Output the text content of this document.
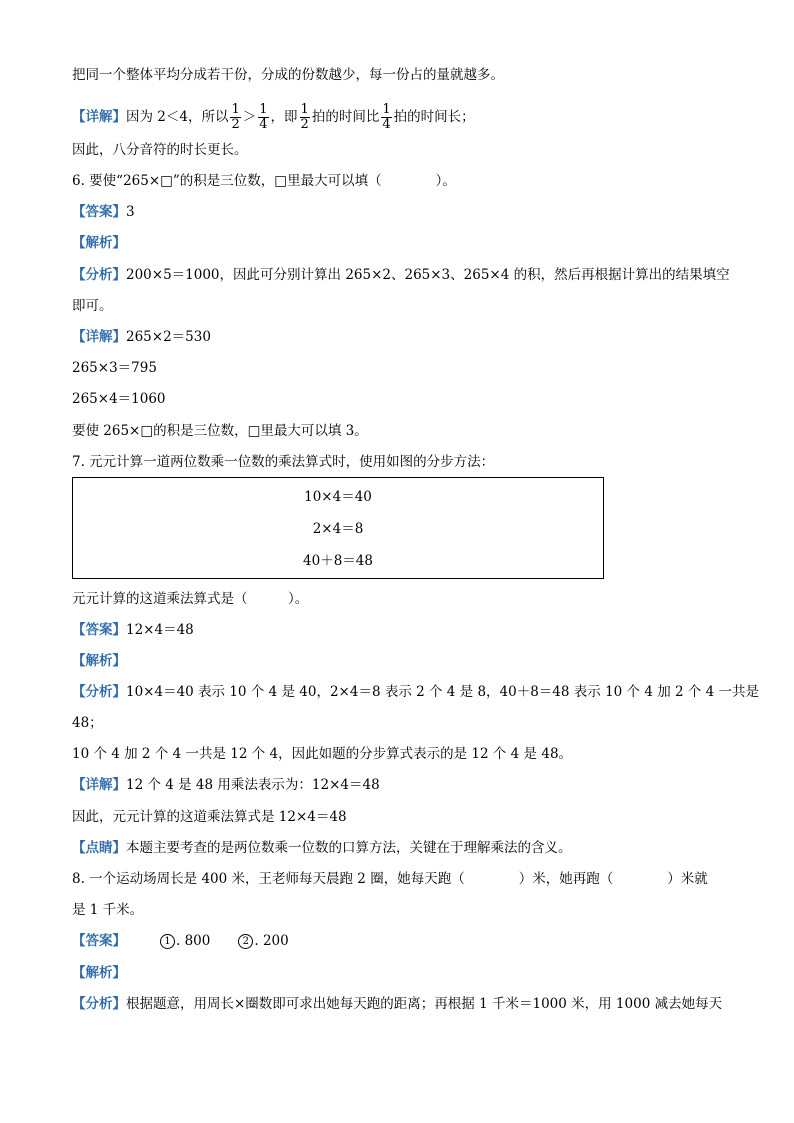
把同一个整体平均分成若干份，分成的份数越少，每一份占的量就越多。
【详解】因为 2＜4，所以 $\frac{1}{2} > \frac{1}{4}$ ，即 $\frac{1}{2}$ 拍的时间比 $\frac{1}{4}$ 拍的时间长；
因此，八分音符的时长更长。
6. 要使“265×□”的积是三位数，□里最大可以填（　　　　）。
【答案】3
【解析】
【分析】200×5＝1000，因此可分别计算出 265×2、265×3、265×4 的积，然后再根据计算出的结果填空
即可。
【详解】265×2＝530
265×3＝795
265×4＝1060
要使 265×□的积是三位数，□里最大可以填 3。
7. 元元计算一道两位数乘一位数的乘法算式时，使用如图的分步方法：
10×4＝40
2×4＝8
40＋8＝48
元元计算的这道乘法算式是（　　　）。
【答案】12×4＝48
【解析】
【分析】10×4＝40 表示 10 个 4 是 40，2×4＝8 表示 2 个 4 是 8，40＋8＝48 表示 10 个 4 加 2 个 4 一共是
48；
10 个 4 加 2 个 4 一共是 12 个 4，因此如题的分步算式表示的是 12 个 4 是 48。
【详解】12 个 4 是 48 用乘法表示为：12×4＝48
因此，元元计算的这道乘法算式是 12×4＝48
【点睛】本题主要考查的是两位数乘一位数的口算方法，关键在于理解乘法的含义。
8. 一个运动场周长是 400 米，王老师每天晨跑 2 圈，她每天跑（　　　　）米，她再跑（　　　　）米就
是 1 千米。
【答案】	1 . 800	2 . 200
【解析】
【分析】根据题意，用周长×圈数即可求出她每天跑的距离；再根据 1 千米＝1000 米，用 1000 减去她每天
